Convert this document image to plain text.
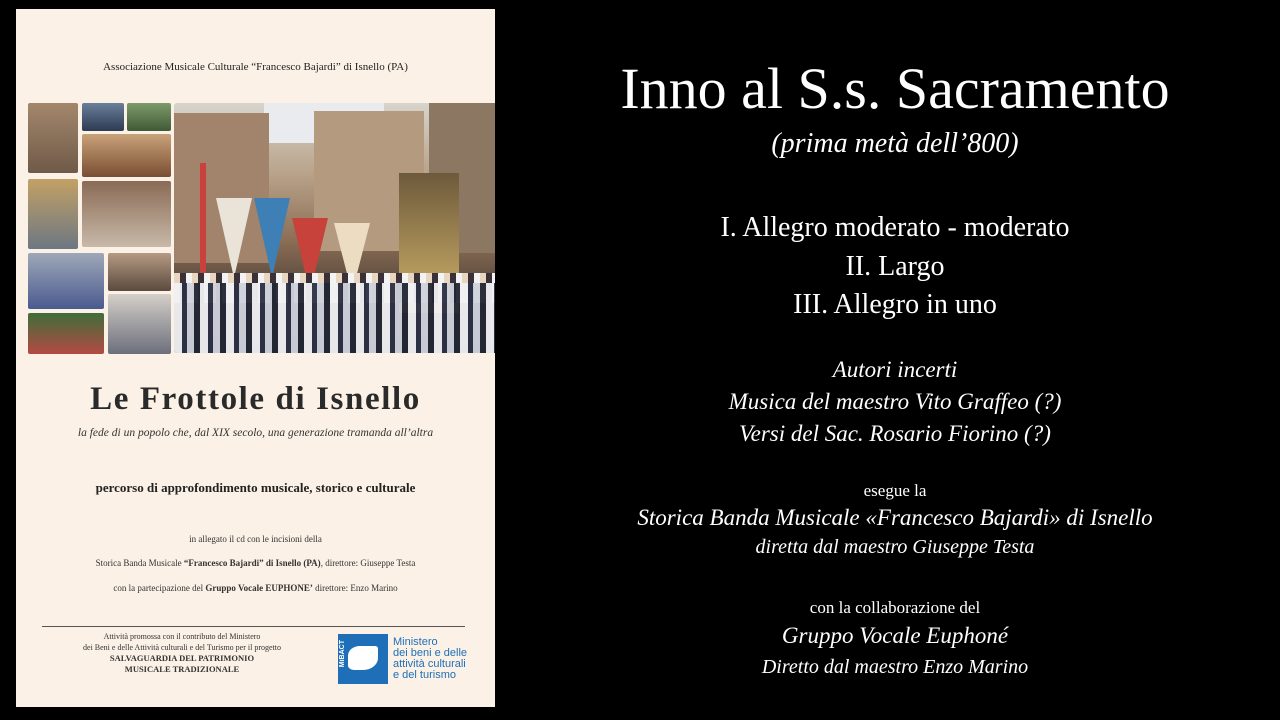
Associazione Musicale Culturale “Francesco Bajardi” di Isnello (PA)
Le Frottole di Isnello
la fede di un popolo che, dal XIX secolo, una generazione tramanda all’altra
percorso di approfondimento musicale, storico e culturale
in allegato il cd con le incisioni della
Storica Banda Musicale “Francesco Bajardi” di Isnello (PA), direttore: Giuseppe Testa
con la partecipazione del Gruppo Vocale EUPHONE’ direttore: Enzo Marino
Attività promossa con il contributo del Ministero
dei Beni e delle Attività culturali e del Turismo per il progetto
SALVAGUARDIA DEL PATRIMONIO
MUSICALE TRADIZIONALE
MiBACT	Ministero
dei beni e delle
attività culturali
e del turismo
Inno al S.s. Sacramento
(prima metà dell’800)
I. Allegro moderato - moderato
II. Largo
III. Allegro in uno
Autori incerti
Musica del maestro Vito Graffeo (?)
Versi del Sac. Rosario Fiorino (?)
esegue la
Storica Banda Musicale «Francesco Bajardi» di Isnello
diretta dal maestro Giuseppe Testa
con la collaborazione del
Gruppo Vocale Euphoné
Diretto dal maestro Enzo Marino
